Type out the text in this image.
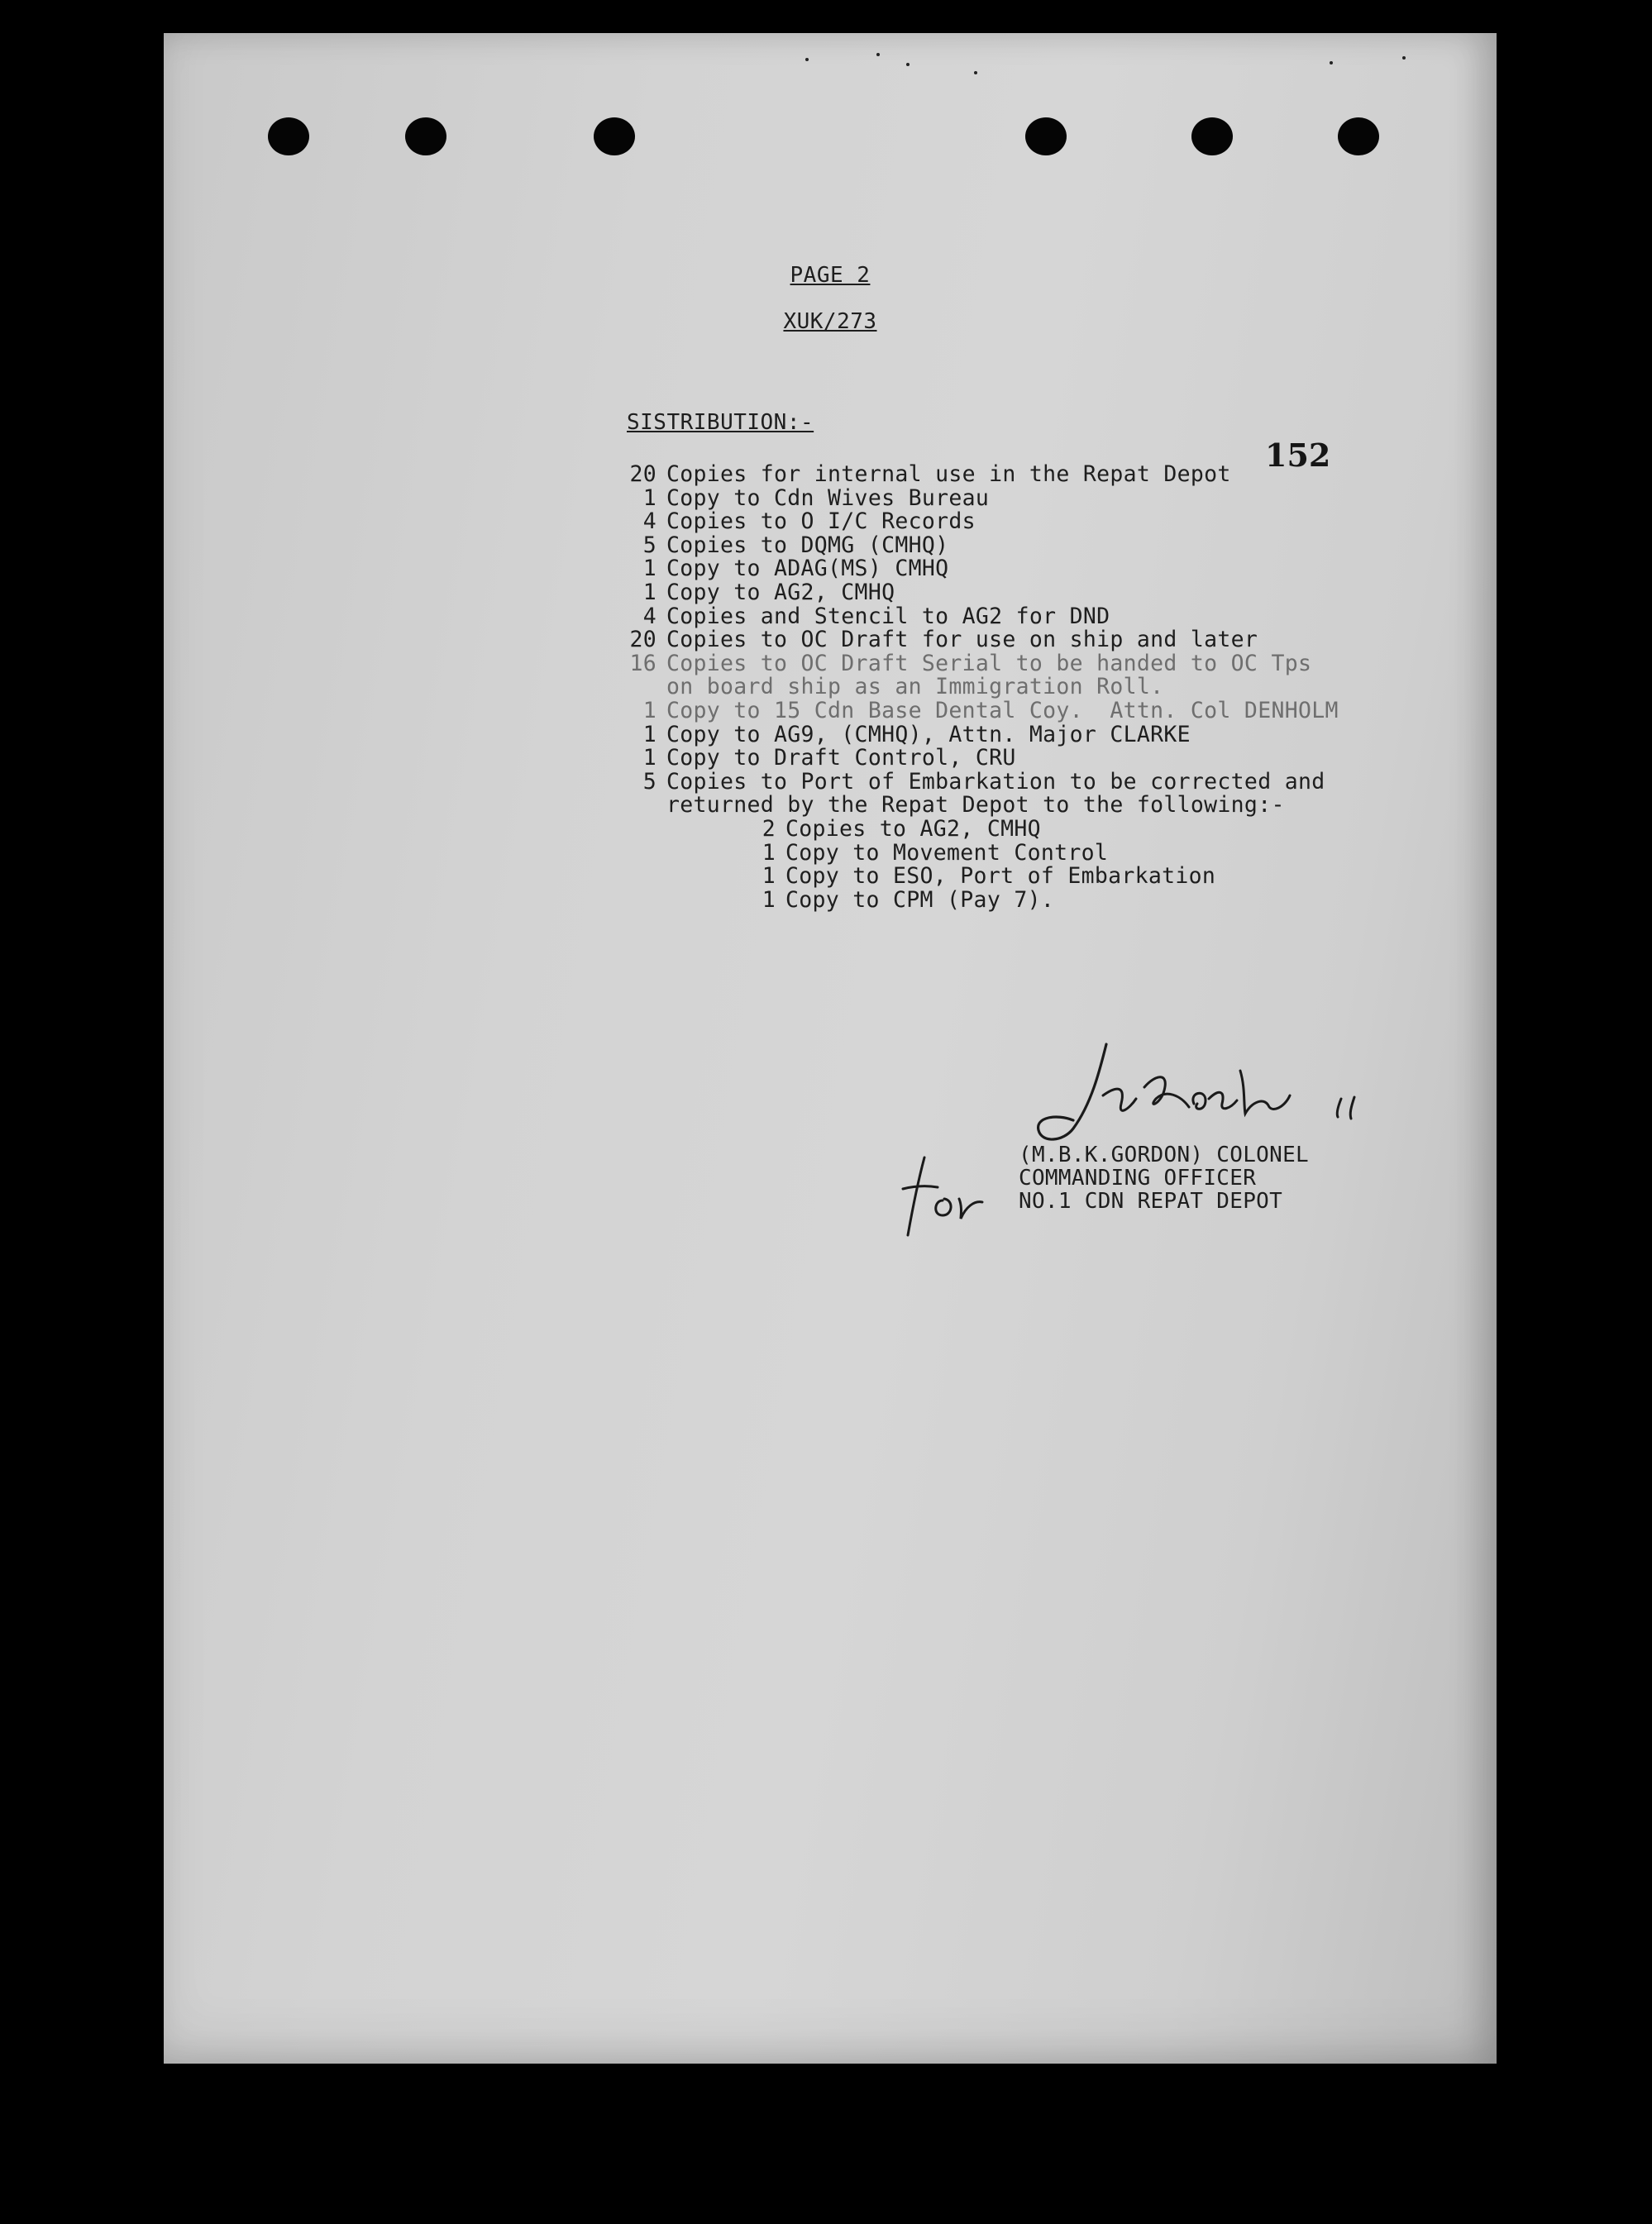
PAGE 2
XUK/273
152
SISTRIBUTION:-
20 Copies for internal use in the Repat Depot
1 Copy to Cdn Wives Bureau
4 Copies to O I/C Records
5 Copies to DQMG (CMHQ)
1 Copy to ADAG(MS) CMHQ
1 Copy to AG2, CMHQ
4 Copies and Stencil to AG2 for DND
20 Copies to OC Draft for use on ship and later
16 Copies to OC Draft Serial to be handed to OC Tps
on board ship as an Immigration Roll.
1 Copy to 15 Cdn Base Dental Coy.  Attn. Col DENHOLM
1 Copy to AG9, (CMHQ), Attn. Major CLARKE
1 Copy to Draft Control, CRU
5 Copies to Port of Embarkation to be corrected and
returned by the Repat Depot to the following:-
2 Copies to AG2, CMHQ
1 Copy to Movement Control
1 Copy to ESO, Port of Embarkation
1 Copy to CPM (Pay 7).
(M.B.K.GORDON) COLONEL
COMMANDING OFFICER
NO.1 CDN REPAT DEPOT
